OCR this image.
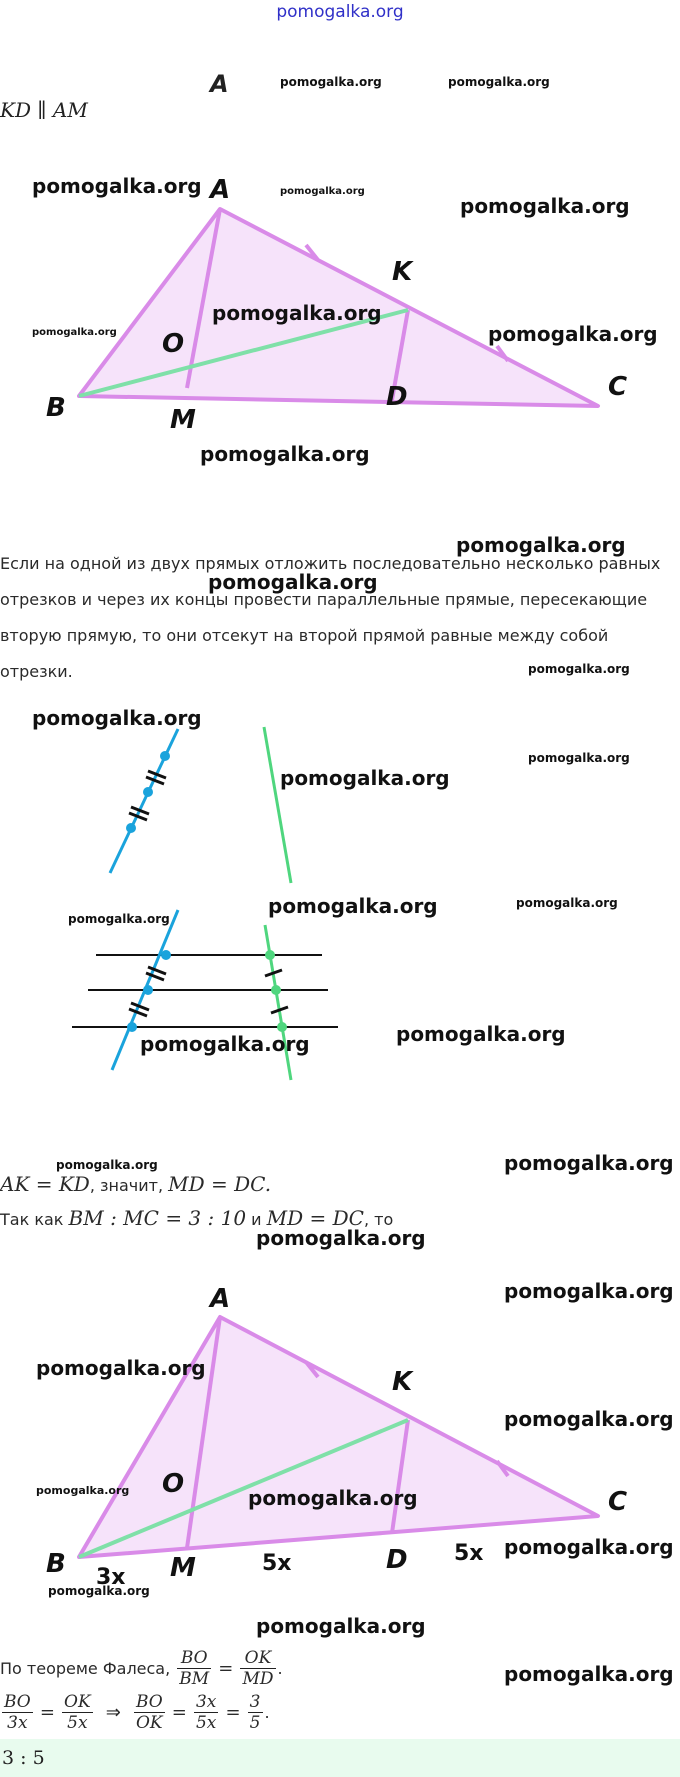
pomogalka.org
A
KD ∥ AM
A
K
C
B	M
D
O
Если на одной из двух прямых отложить последовательно несколько равных отрезков и через их концы провести параллельные прямые, пересекающие вторую прямую, то они отсекут на второй прямой равные между собой отрезки.
AK = KD, значит, MD = DC.
Так как BM : MC = 3 : 10 и MD = DC, то
A
K
C
B	M	D
O
3x
5x	5x
По теореме Фалеса, $\frac{BO}{BM} = \frac{OK}{MD}$ .
$\frac{BO}{3x} = \frac{OK}{5x}$ ⇒ $\frac{BO}{OK} = \frac{3x}{5x} = \frac{3}{5}$ .
3 : 5
pomogalka.org	pomogalka.org
pomogalka.org	pomogalka.org
pomogalka.org
pomogalka.org
pomogalka.org	pomogalka.org
pomogalka.org
pomogalka.org
pomogalka.org
pomogalka.org
pomogalka.org
pomogalka.org
pomogalka.org
pomogalka.org
pomogalka.org	pomogalka.org
pomogalka.org	pomogalka.org
pomogalka.org	pomogalka.org
pomogalka.org
pomogalka.org
pomogalka.org
pomogalka.org
pomogalka.org	pomogalka.org
pomogalka.org
pomogalka.org
pomogalka.org
pomogalka.org
